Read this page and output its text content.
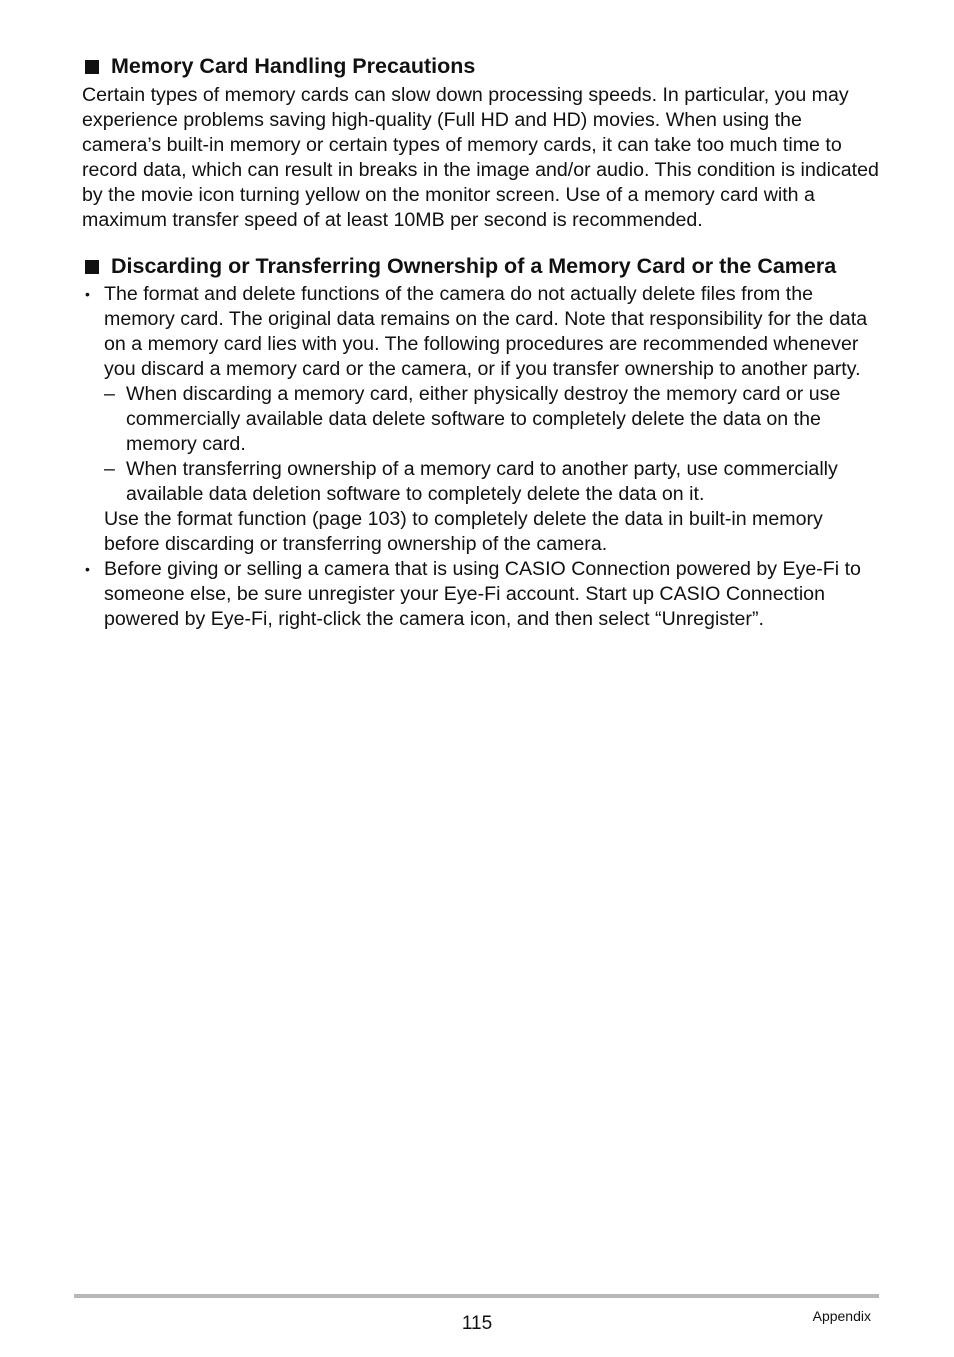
Memory Card Handling Precautions

Certain types of memory cards can slow down processing speeds. In particular, you may experience problems saving high-quality (Full HD and HD) movies. When using the camera’s built-in memory or certain types of memory cards, it can take too much time to record data, which can result in breaks in the image and/or audio. This condition is indicated by the movie icon turning yellow on the monitor screen. Use of a memory card with a maximum transfer speed of at least 10MB per second is recommended.

Discarding or Transferring Ownership of a Memory Card or the Camera
• The format and delete functions of the camera do not actually delete files from the memory card. The original data remains on the card. Note that responsibility for the data on a memory card lies with you. The following procedures are recommended whenever you discard a memory card or the camera, or if you transfer ownership to another party.
– When discarding a memory card, either physically destroy the memory card or use commercially available data delete software to completely delete the data on the memory card.
– When transferring ownership of a memory card to another party, use commercially available data deletion software to completely delete the data on it.
Use the format function (page 103) to completely delete the data in built-in memory before discarding or transferring ownership of the camera.
• Before giving or selling a camera that is using CASIO Connection powered by Eye-Fi to someone else, be sure unregister your Eye-Fi account. Start up CASIO Connection powered by Eye-Fi, right-click the camera icon, and then select “Unregister”.
115	Appendix
